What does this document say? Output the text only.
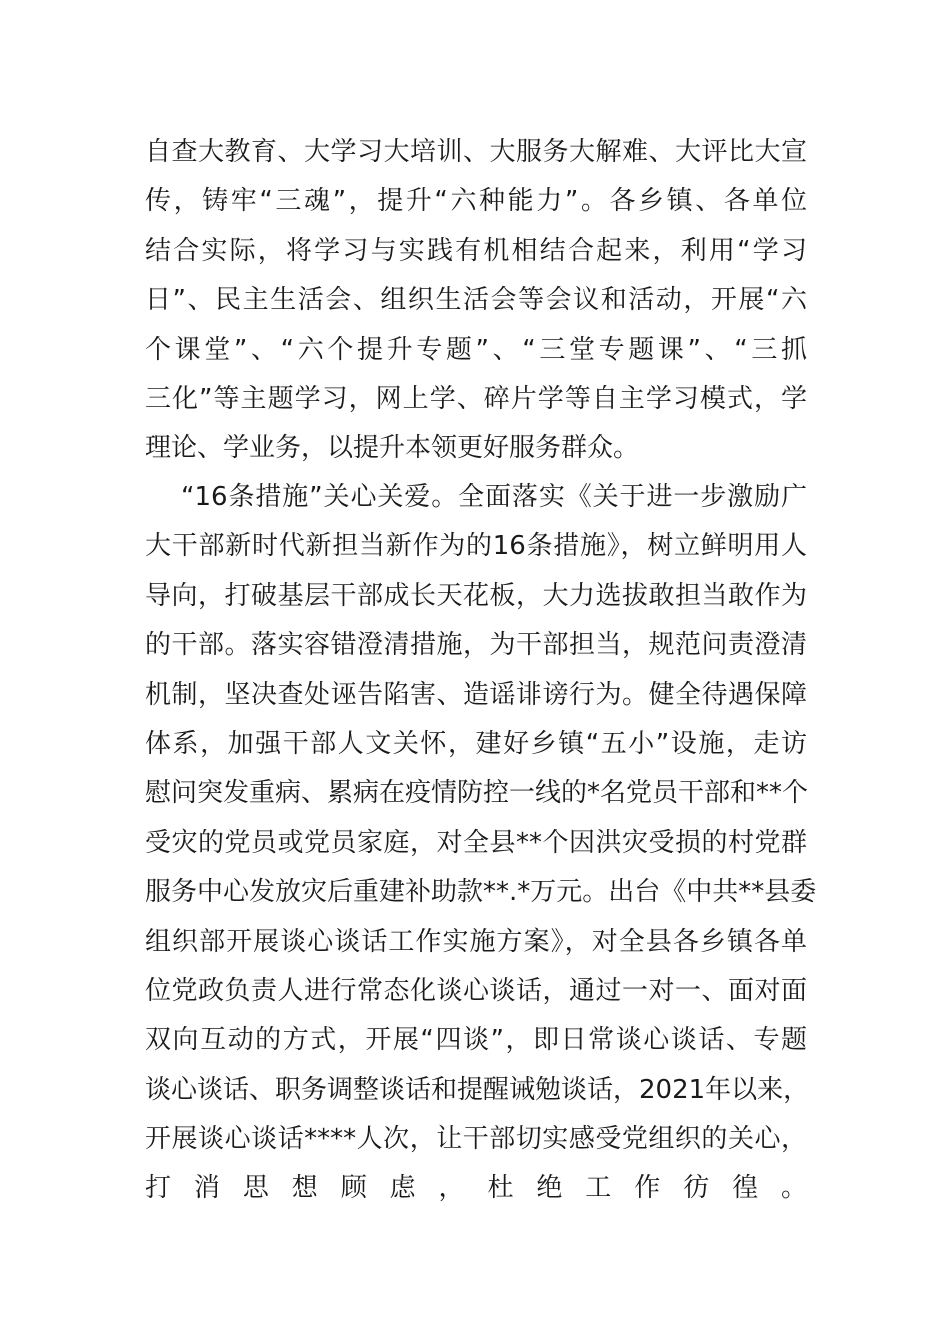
自查大教育、大学习大培训、大服务大解难、大评比大宣
传，铸牢“三魂”，提升“六种能力”。各乡镇、各单位
结合实际，将学习与实践有机相结合起来，利用“学习
日”、民主生活会、组织生活会等会议和活动，开展“六
个课堂”、“六个提升专题”、“三堂专题课”、“三抓
三化”等主题学习，网上学、碎片学等自主学习模式，学
理论、学业务，以提升本领更好服务群众。
“16条措施”关心关爱。全面落实《关于进一步激励广
大干部新时代新担当新作为的16条措施》，树立鲜明用人
导向，打破基层干部成长天花板，大力选拔敢担当敢作为
的干部。落实容错澄清措施，为干部担当，规范问责澄清
机制，坚决查处诬告陷害、造谣诽谤行为。健全待遇保障
体系，加强干部人文关怀，建好乡镇“五小”设施，走访
慰问突发重病、累病在疫情防控一线的*名党员干部和**个
受灾的党员或党员家庭，对全县**个因洪灾受损的村党群
服务中心发放灾后重建补助款**.*万元。出台《中共**县委
组织部开展谈心谈话工作实施方案》，对全县各乡镇各单
位党政负责人进行常态化谈心谈话，通过一对一、面对面
双向互动的方式，开展“四谈”，即日常谈心谈话、专题
谈心谈话、职务调整谈话和提醒诫勉谈话，2021年以来，
开展谈心谈话****人次，让干部切实感受党组织的关心，
打消思想顾虑，杜绝工作彷徨。
